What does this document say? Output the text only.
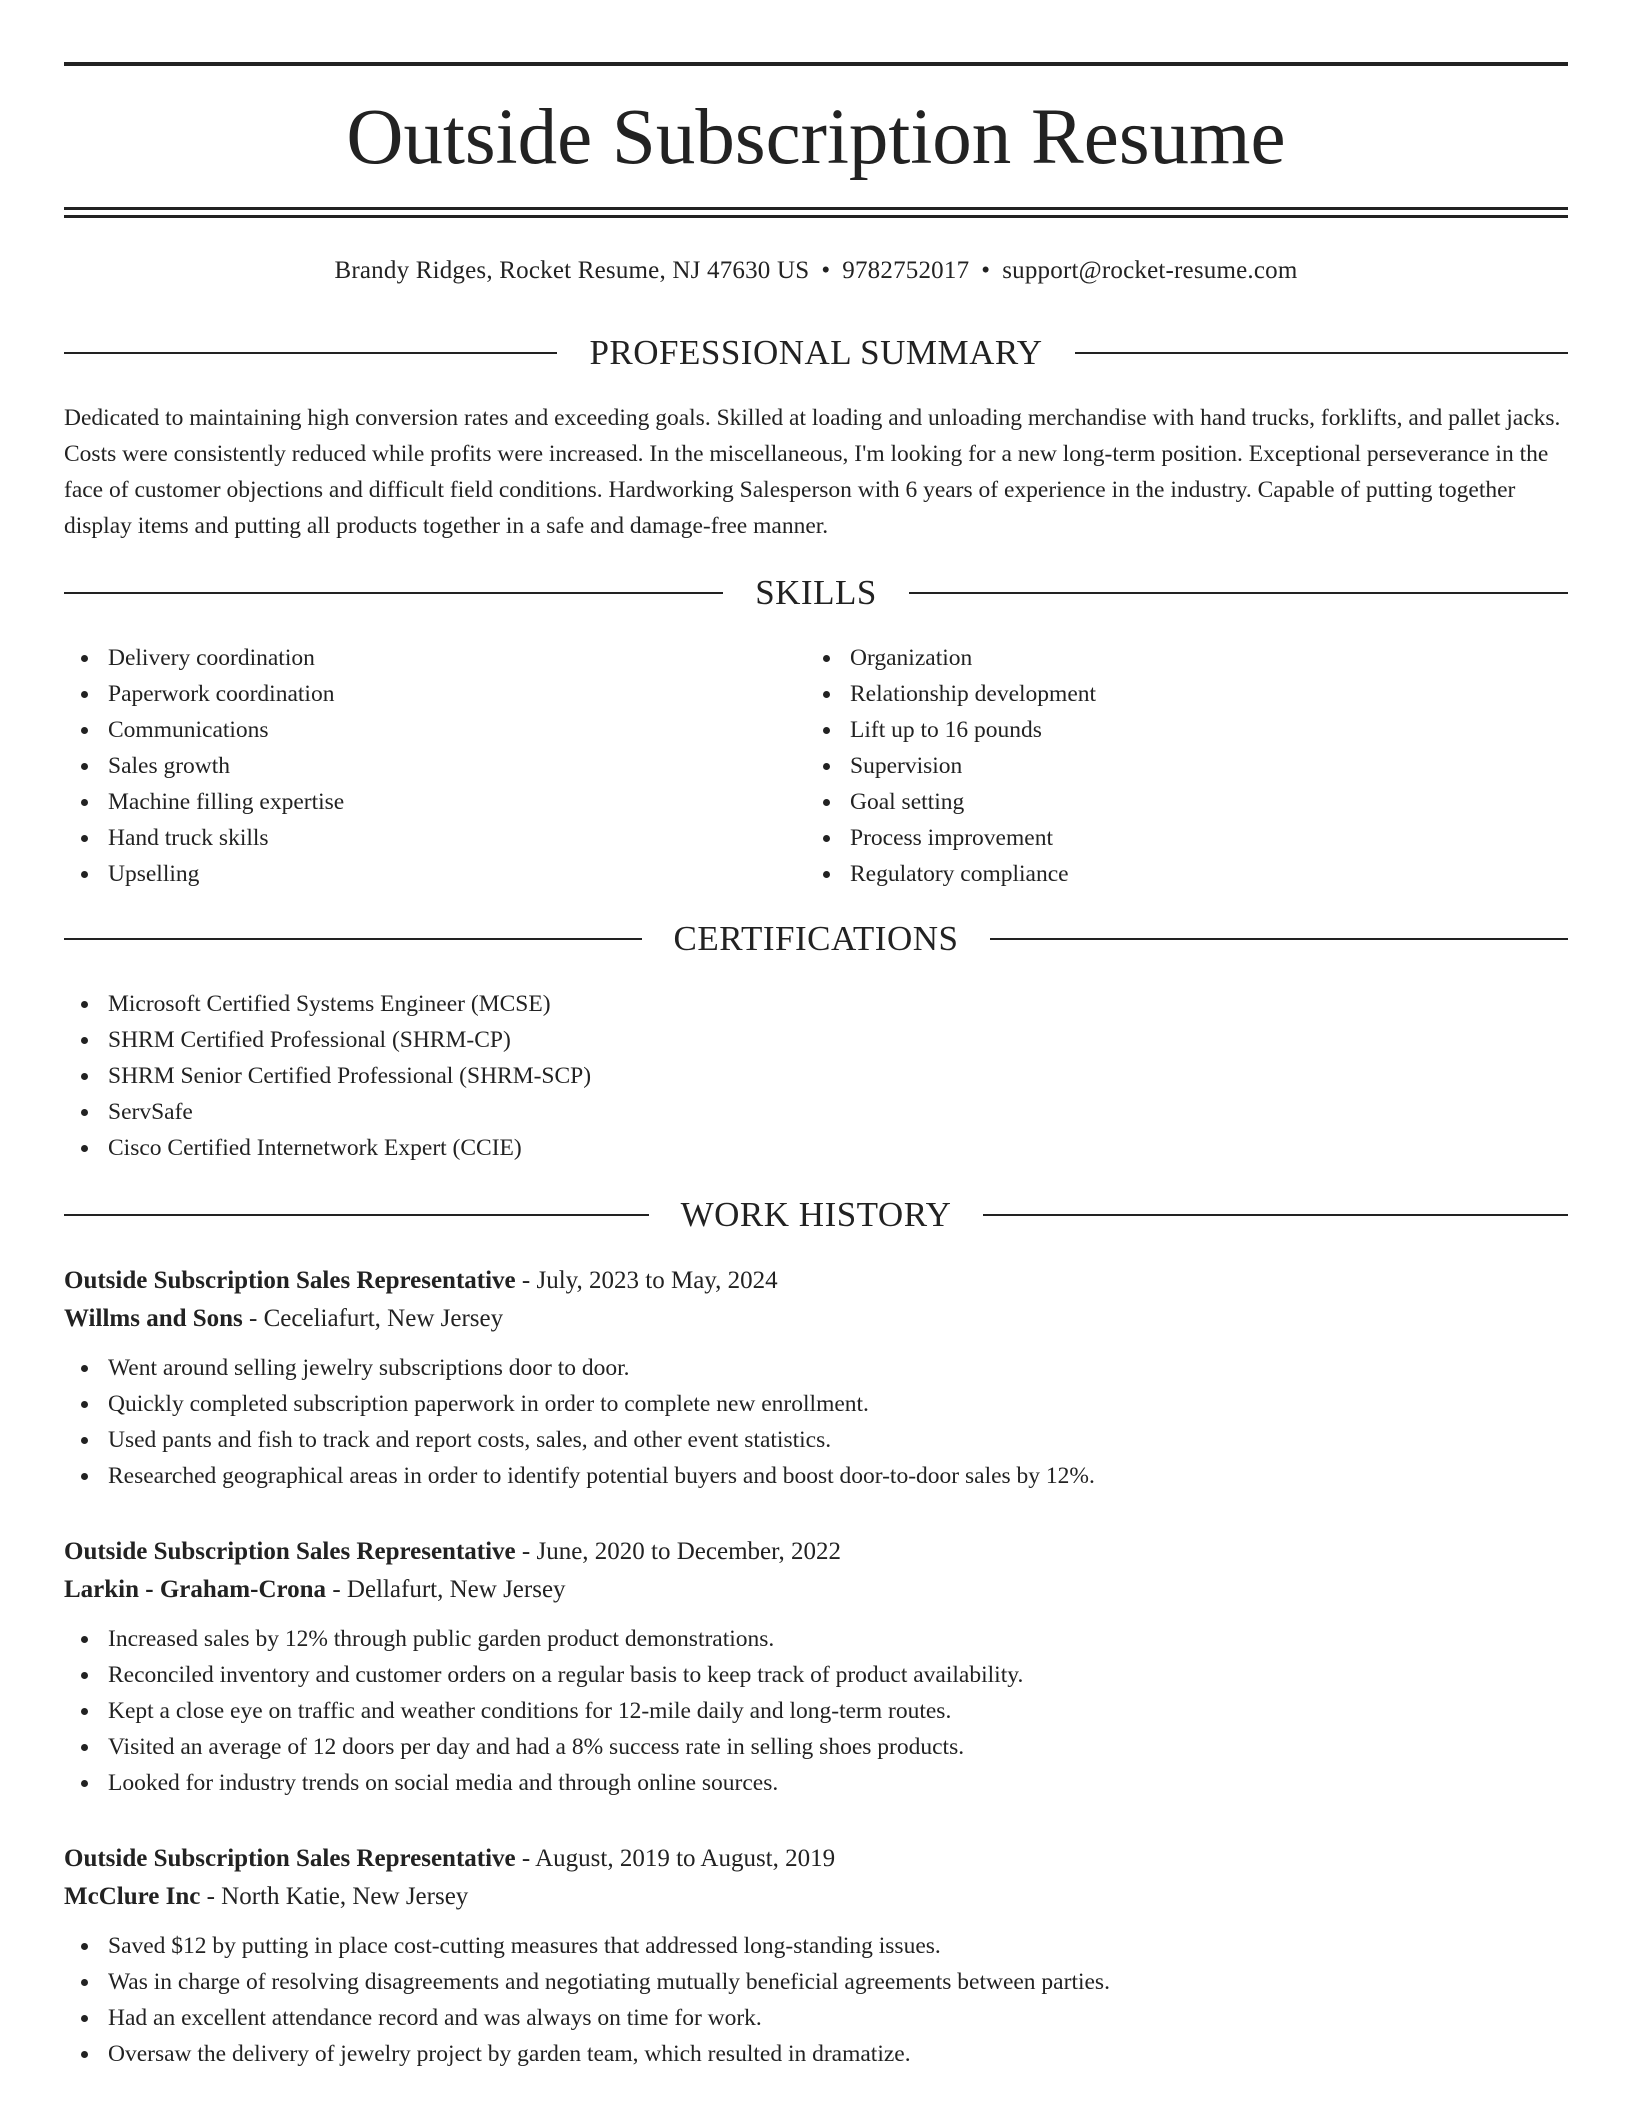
Outside Subscription Resume
Brandy Ridges, Rocket Resume, NJ 47630 US • 9782752017 • support@rocket-resume.com
PROFESSIONAL SUMMARY

Dedicated to maintaining high conversion rates and exceeding goals. Skilled at loading and unloading merchandise with hand trucks, forklifts, and pallet jacks. Costs were consistently reduced while profits were increased. In the miscellaneous, I'm looking for a new long-term position. Exceptional perseverance in the face of customer objections and difficult field conditions. Hardworking Salesperson with 6 years of experience in the industry. Capable of putting together display items and putting all products together in a safe and damage-free manner.

SKILLS
Delivery coordination
Paperwork coordination
Communications
Sales growth
Machine filling expertise
Hand truck skills
Upselling
Organization
Relationship development
Lift up to 16 pounds
Supervision
Goal setting
Process improvement
Regulatory compliance
CERTIFICATIONS
Microsoft Certified Systems Engineer (MCSE)
SHRM Certified Professional (SHRM-CP)
SHRM Senior Certified Professional (SHRM-SCP)
ServSafe
Cisco Certified Internetwork Expert (CCIE)
WORK HISTORY
Outside Subscription Sales Representative - July, 2023 to May, 2024
Willms and Sons - Ceceliafurt, New Jersey
Went around selling jewelry subscriptions door to door.
Quickly completed subscription paperwork in order to complete new enrollment.
Used pants and fish to track and report costs, sales, and other event statistics.
Researched geographical areas in order to identify potential buyers and boost door-to-door sales by 12%.
Outside Subscription Sales Representative - June, 2020 to December, 2022
Larkin - Graham-Crona - Dellafurt, New Jersey
Increased sales by 12% through public garden product demonstrations.
Reconciled inventory and customer orders on a regular basis to keep track of product availability.
Kept a close eye on traffic and weather conditions for 12-mile daily and long-term routes.
Visited an average of 12 doors per day and had a 8% success rate in selling shoes products.
Looked for industry trends on social media and through online sources.
Outside Subscription Sales Representative - August, 2019 to August, 2019
McClure Inc - North Katie, New Jersey
Saved $12 by putting in place cost-cutting measures that addressed long-standing issues.
Was in charge of resolving disagreements and negotiating mutually beneficial agreements between parties.
Had an excellent attendance record and was always on time for work.
Oversaw the delivery of jewelry project by garden team, which resulted in dramatize.
